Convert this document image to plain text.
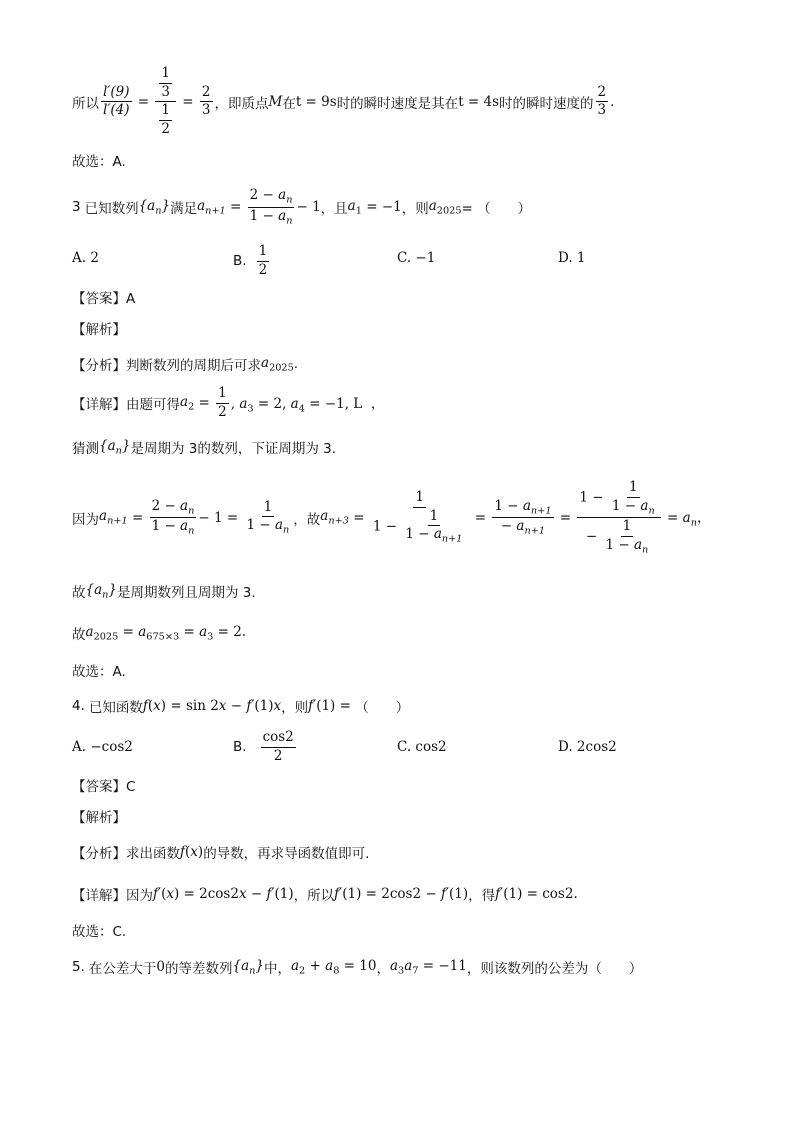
所以 $\frac{l'(9)}{l'(4)} = \frac{\frac{1}{3}}{\frac{1}{2}} = \frac{2}{3}$ ，即质点 M 在 t = 9s 时的瞬时速度是其在 t = 4s 时的瞬时速度的 $\frac{2}{3}$ .
故选：A.
3 已知数列 $\{a_n\}$ 满足 $a_{n+1} = \frac{2 - a_n}{1 - a_n} - 1$ ，且 $a_1 = -1$ ，则 $a_{2025}$ = （　　）
A. 2	B. $\frac{1}{2}$	C. −1	D. 1
【答案】A
【解析】
【分析】 判断数列的周期后可求 $a_{2025}$ .
【详解】 由题可得 $a_2 = \frac{1}{2}$ , $a_3 = 2$, $a_4 = -1$, L  ，
猜测 $\{a_n\}$ 是周期为 3的数列，下证周期为 3.
因为 $a_{n+1} = \frac{2 - a_n}{1 - a_n} - 1 = \frac{1}{1 - a_n}$ ，故 $a_{n+3} = \frac{1}{1 - \frac{1}{1 - a_{n+1}}} = \frac{1 - a_{n+1}}{- a_{n+1}} = \frac{1 - \frac{1}{1 - a_n}}{- \frac{1}{1 - a_n}} = a_n$，
故 $\{a_n\}$ 是周期数列且周期为 3.
故 $a_{2025} = a_{675\times 3} = a_3 = 2$.
故选：A.
4. 已知函数 f(x) = sin 2x − f′(1)x ，则 f′(1) = （　　）
A. −cos2	B. $\frac{\cos 2}{2}$	C. cos2	D. 2cos2
【答案】C
【解析】
【分析】 求出函数 f(x) 的导数，再求导函数值即可.
【详解】 因为 f′(x) = 2cos2x − f′(1) ，所以 f′(1) = 2cos2 − f′(1) ，得 f′(1) = cos2.
故选：C.
5. 在公差大于 0 的等差数列 $\{a_n\}$ 中， $a_2 + a_8 = 10$ ， $a_3a_7 = -11$ ，则该数列的公差为（　　）
